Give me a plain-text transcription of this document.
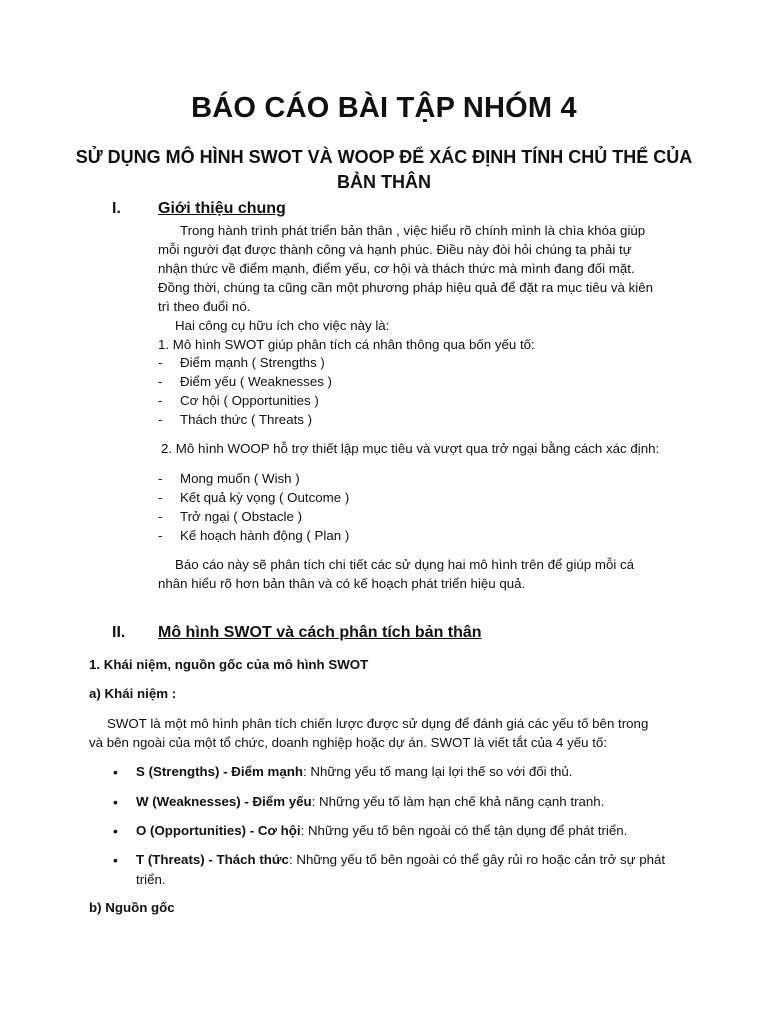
BÁO CÁO BÀI TẬP NHÓM 4
SỬ DỤNG MÔ HÌNH SWOT VÀ WOOP ĐỂ XÁC ĐỊNH TÍNH CHỦ THỂ CỦA
BẢN THÂN
I. Giới thiệu chung
Trong hành trình phát triển bản thân , việc hiểu rõ chính mình là chìa khóa giúp
mỗi người đạt được thành công và hạnh phúc. Điều này đòi hỏi chúng ta phải tự
nhận thức về điểm mạnh, điểm yếu, cơ hội và thách thức mà mình đang đối mặt.
Đồng thời, chúng ta cũng cần một phương pháp hiệu quả để đặt ra mục tiêu và kiên
trì theo đuổi nó.
Hai công cụ hữu ích cho việc này là:
1. Mô hình SWOT giúp phân tích cá nhân thông qua bốn yếu tố:
- Điểm mạnh ( Strengths )
- Điểm yếu ( Weaknesses )
- Cơ hội ( Opportunities )
- Thách thức ( Threats )
2. Mô hình WOOP hỗ trợ thiết lập mục tiêu và vượt qua trở ngại bằng cách xác định:
- Mong muốn ( Wish )
- Kết quả kỳ vọng ( Outcome )
- Trở ngại ( Obstacle )
- Kế hoạch hành động ( Plan )
Báo cáo này sẽ phân tích chi tiết các sử dụng hai mô hình trên để giúp mỗi cá
nhân hiểu rõ hơn bản thân và có kế hoạch phát triển hiệu quả.
II. Mô hình SWOT và cách phân tích bản thân
1. Khái niệm, nguồn gốc của mô hình SWOT
a) Khái niệm :
SWOT là một mô hình phân tích chiến lược được sử dụng để đánh giá các yếu tố bên trong
và bên ngoài của một tổ chức, doanh nghiệp hoặc dự án. SWOT là viết tắt của 4 yếu tố:
• S (Strengths) - Điểm mạnh: Những yếu tố mang lại lợi thế so với đối thủ.
• W (Weaknesses) - Điểm yếu: Những yếu tố làm hạn chế khả năng cạnh tranh.
• O (Opportunities) - Cơ hội: Những yếu tố bên ngoài có thể tận dụng để phát triển.
• T (Threats) - Thách thức: Những yếu tố bên ngoài có thể gây rủi ro hoặc cản trở sự phát triển.
b) Nguồn gốc
